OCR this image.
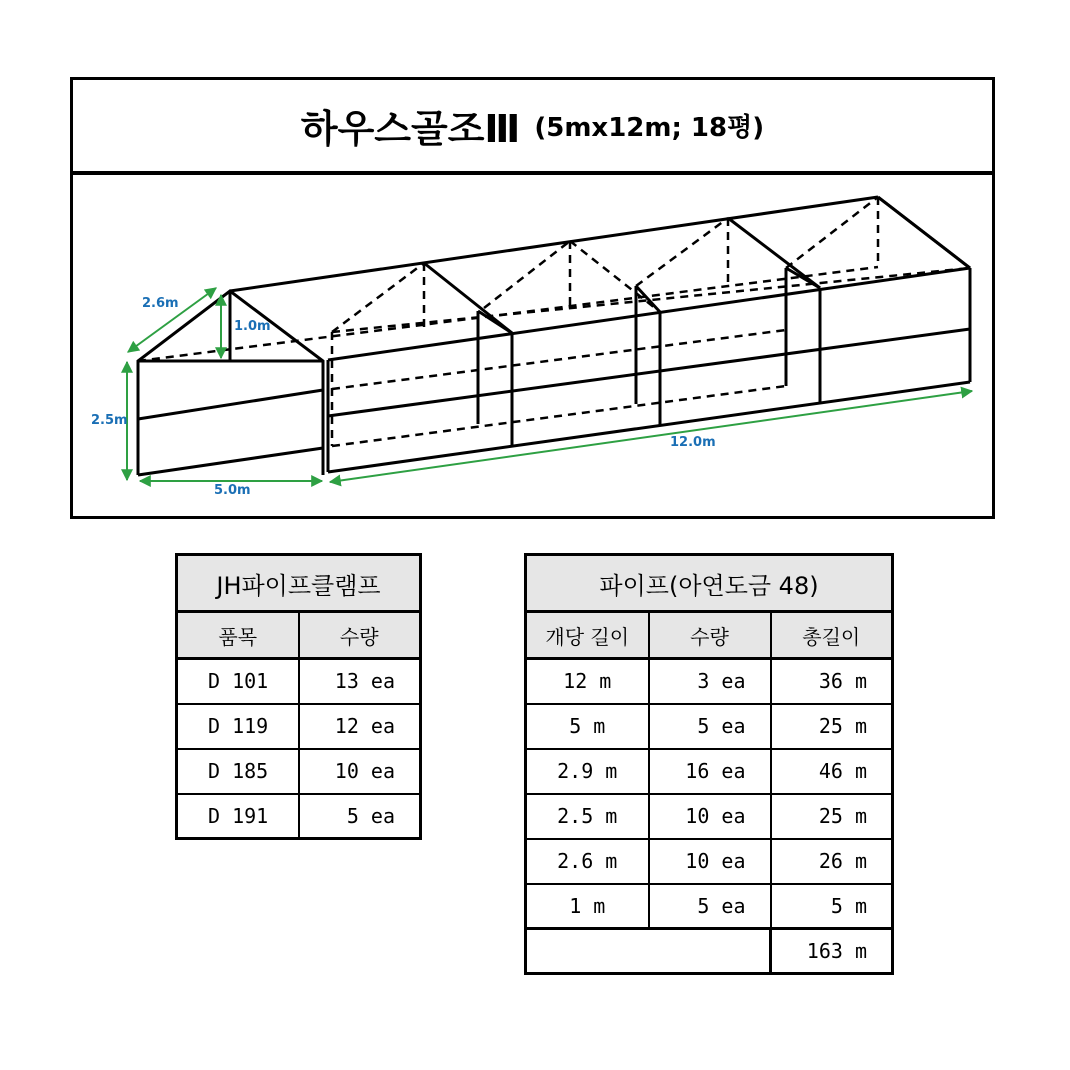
하우스골조Ⅲ (5mx12m; 18평)
2.6m
1.0m
2.5m
5.0m
12.0m
JH파이프클램프	
품목	수량
D 101	13 ea
D 119	12 ea
D 185	10 ea
D 191	5 ea
파이프(아연도금 48)		
개당 길이	수량	총길이
12 m	3 ea	36 m
5 m	5 ea	25 m
2.9 m	16 ea	46 m
2.5 m	10 ea	25 m
2.6 m	10 ea	26 m
1 m	5 ea	5 m
		163 m
